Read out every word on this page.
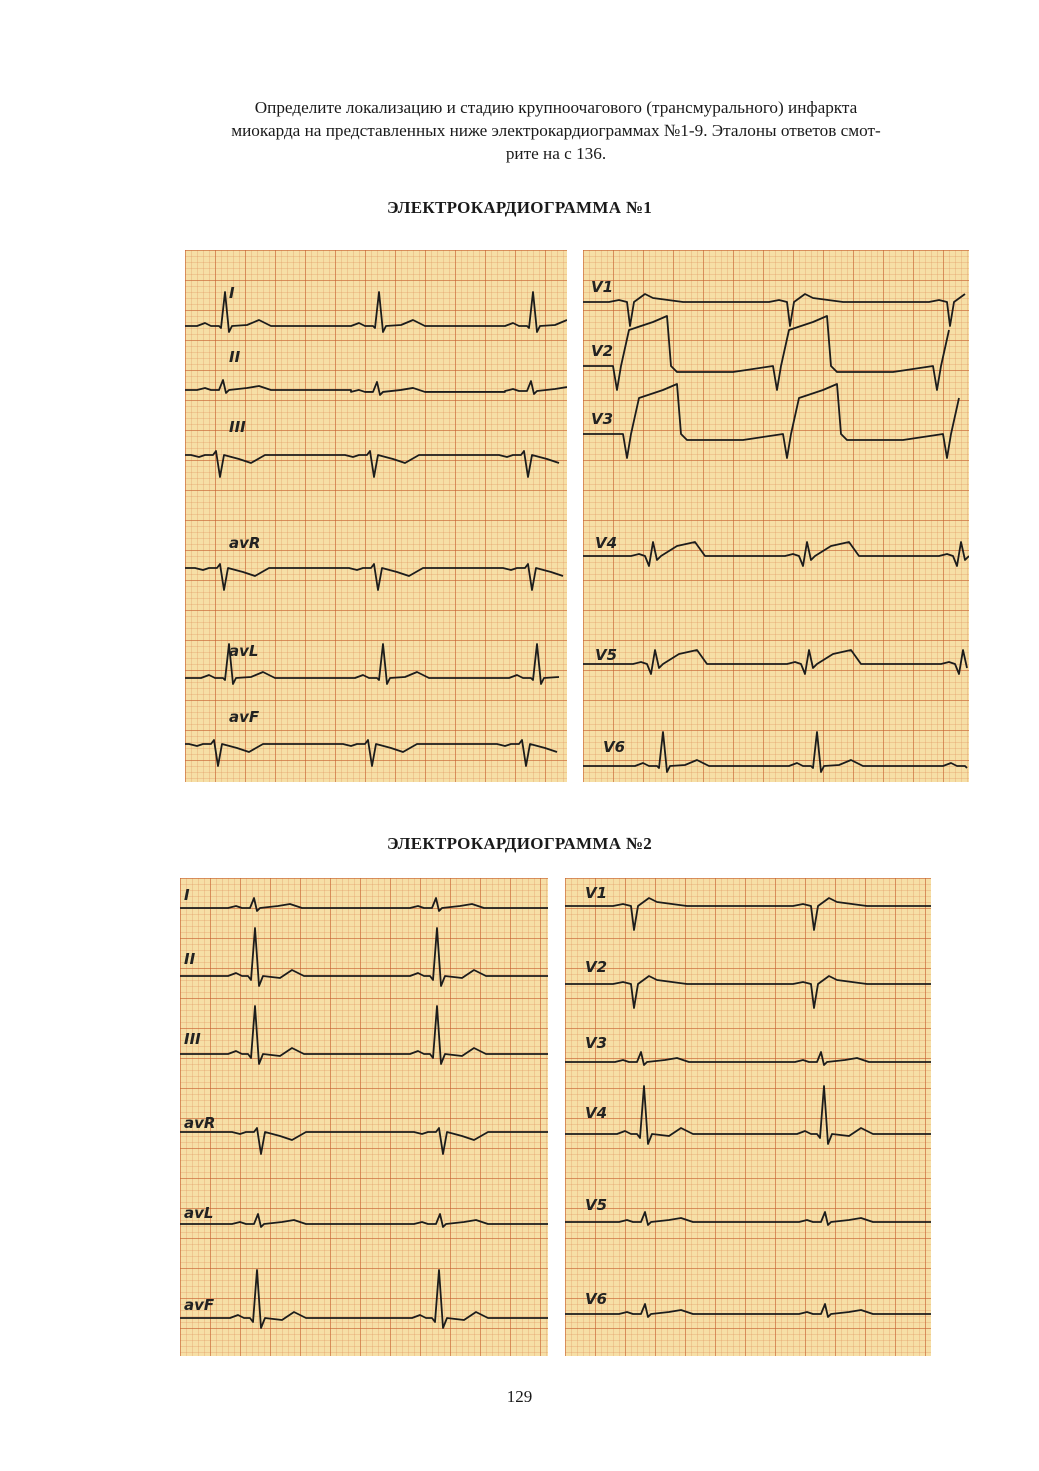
Определите локализацию и стадию крупноочагового (трансмурального) инфаркта

миокарда на представленных ниже электрокардиограммах №1-9. Эталоны ответов смот-

рите на с 136.

ЭЛЕКТРОКАРДИОГРАММА №1
I
II
III
avR
avL
avF
V1
V2
V3
V4
V5
V6
ЭЛЕКТРОКАРДИОГРАММА №2
I
II
III
avR
avL
avF
V1
V2
V3
V4
V5
V6
129
